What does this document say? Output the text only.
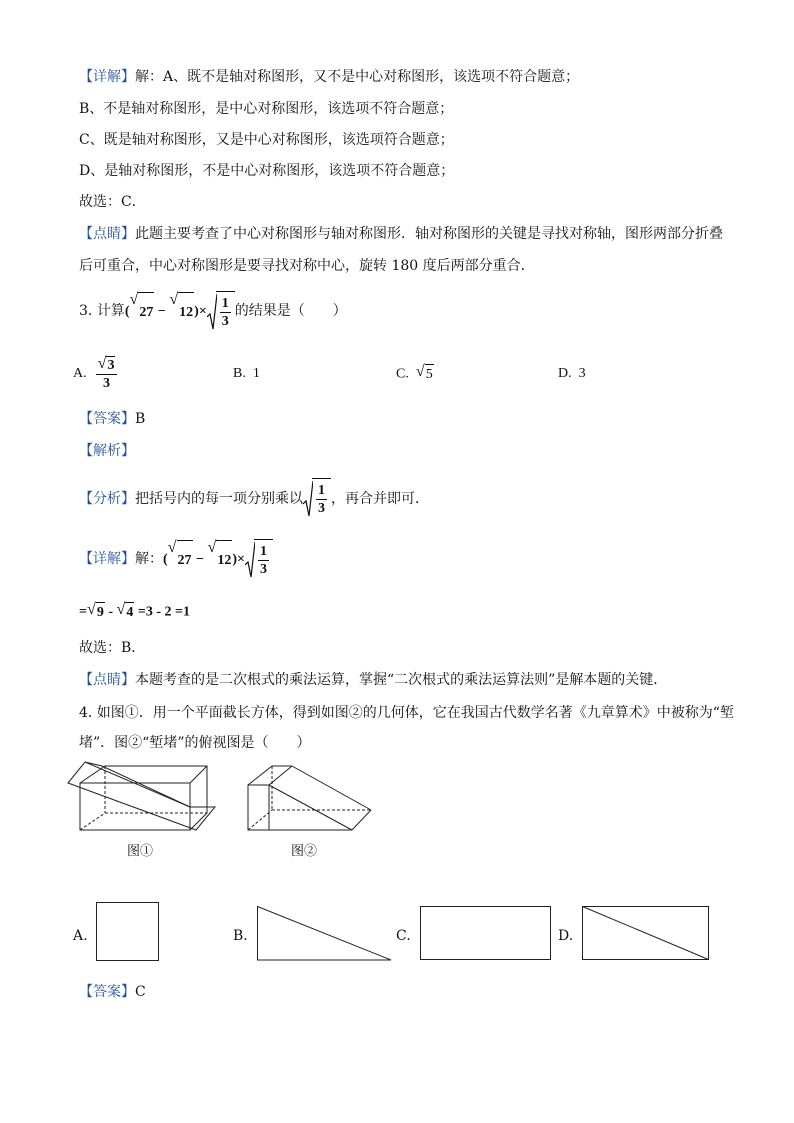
【详解】解：A、既不是轴对称图形，又不是中心对称图形，该选项不符合题意；
B、不是轴对称图形，是中心对称图形，该选项不符合题意；
C、既是轴对称图形，又是中心对称图形，该选项符合题意；
D、是轴对称图形，不是中心对称图形，该选项不符合题意；
故选：C．
【点睛】此题主要考查了中心对称图形与轴对称图形．轴对称图形的关键是寻找对称轴，图形两部分折叠
后可重合，中心对称图形是要寻找对称中心，旋转 180 度后两部分重合．
3. 计算(
√
27 −
√
12 )× $\frac{1}{3}$ 的结果是（　　）
A. $\frac{√ 3}{3}$	B. 1	C. √ 5	D. 3
【答案】B
【解析】
【分析】把括号内的每一项分别乘以 $\frac{1}{3}$ ，再合并即可．
【详解】解：(
√
27 −
√
12 )× $\frac{1}{3}$
= √ 9 - √ 4 =3 - 2 =1
故选：B．
【点睛】本题考查的是二次根式的乘法运算，掌握“二次根式的乘法运算法则”是解本题的关键．
4. 如图①．用一个平面截长方体，得到如图②的几何体，它在我国古代数学名著《九章算术》中被称为“堑
堵”．图②“堑堵”的俯视图是（　　）
图①	图②
A.	B.	C.	D.
【答案】C
